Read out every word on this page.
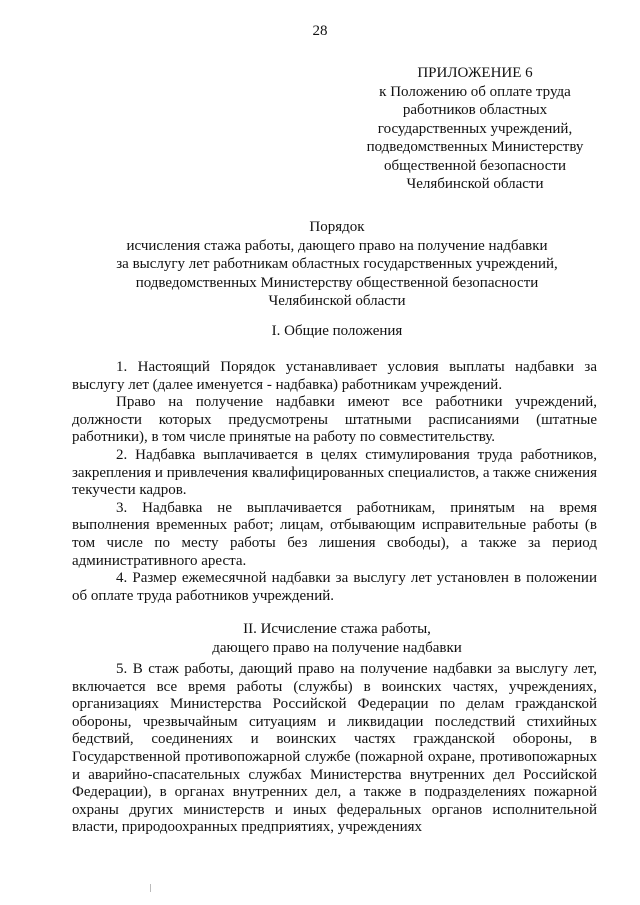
28
ПРИЛОЖЕНИЕ 6
к Положению об оплате труда
работников областных
государственных учреждений,
подведомственных Министерству
общественной безопасности
Челябинской области
Порядок
исчисления стажа работы, дающего право на получение надбавки
за выслугу лет работникам областных государственных учреждений,
подведомственных Министерству общественной безопасности
Челябинской области
I. Общие положения

1. Настоящий Порядок устанавливает условия выплаты надбавки за выслугу лет (далее именуется - надбавка) работникам учреждений.

Право на получение надбавки имеют все работники учреждений, должности которых предусмотрены штатными расписаниями (штатные работники), в том числе принятые на работу по совместительству.

2. Надбавка выплачивается в целях стимулирования труда работников, закрепления и привлечения квалифицированных специалистов, а также снижения текучести кадров.

3. Надбавка не выплачивается работникам, принятым на время выполнения временных работ; лицам, отбывающим исправительные работы (в том числе по месту работы без лишения свободы), а также за период административного ареста.

4. Размер ежемесячной надбавки за выслугу лет установлен в положении об оплате труда работников учреждений.

II. Исчисление стажа работы,
дающего право на получение надбавки

5. В стаж работы, дающий право на получение надбавки за выслугу лет, включается все время работы (службы) в воинских частях, учреждениях, организациях Министерства Российской Федерации по делам гражданской обороны, чрезвычайным ситуациям и ликвидации последствий стихийных бедствий, соединениях и воинских частях гражданской обороны, в Государственной противопожарной службе (пожарной охране, противопожарных и аварийно-спасательных службах Министерства внутренних дел Российской Федерации), в органах внутренних дел, а также в подразделениях пожарной охраны других министерств и иных федеральных органов исполнительной власти, природоохранных предприятиях, учреждениях
